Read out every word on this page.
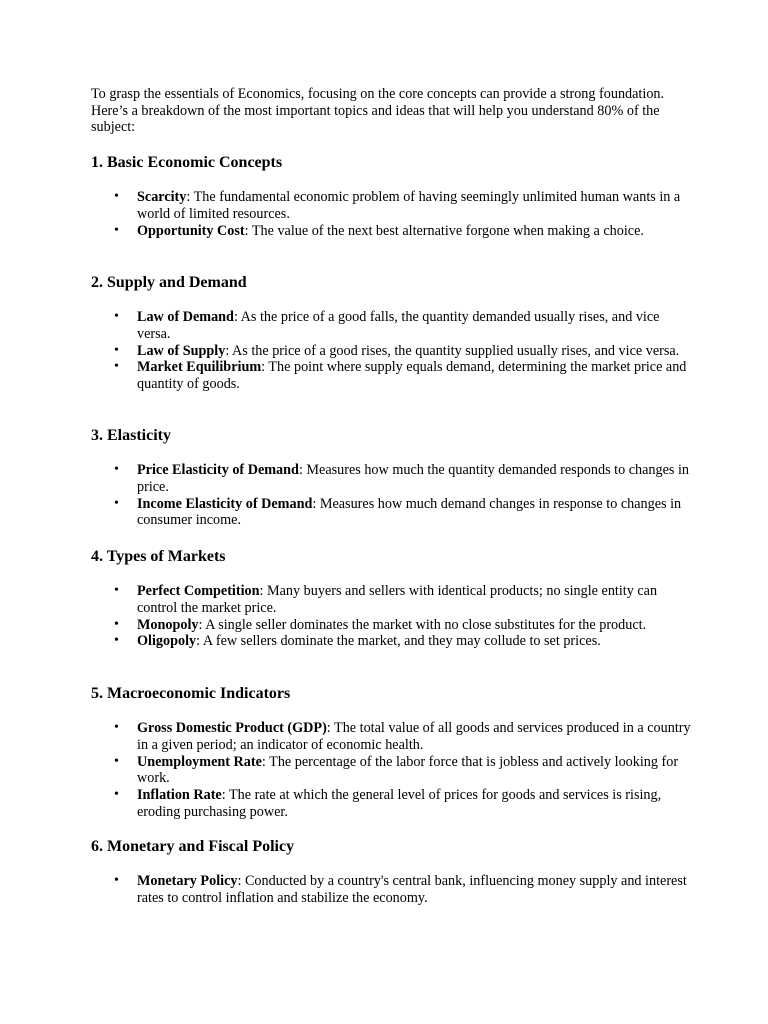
To grasp the essentials of Economics, focusing on the core concepts can provide a strong foundation. Here’s a breakdown of the most important topics and ideas that will help you understand 80% of the subject:

1. Basic Economic Concepts
• Scarcity: The fundamental economic problem of having seemingly unlimited human wants in a world of limited resources.
• Opportunity Cost: The value of the next best alternative forgone when making a choice.
2. Supply and Demand
• Law of Demand: As the price of a good falls, the quantity demanded usually rises, and vice versa.
• Law of Supply: As the price of a good rises, the quantity supplied usually rises, and vice versa.
• Market Equilibrium: The point where supply equals demand, determining the market price and quantity of goods.
3. Elasticity
• Price Elasticity of Demand: Measures how much the quantity demanded responds to changes in price.
• Income Elasticity of Demand: Measures how much demand changes in response to changes in consumer income.
4. Types of Markets
• Perfect Competition: Many buyers and sellers with identical products; no single entity can control the market price.
• Monopoly: A single seller dominates the market with no close substitutes for the product.
• Oligopoly: A few sellers dominate the market, and they may collude to set prices.
5. Macroeconomic Indicators
• Gross Domestic Product (GDP): The total value of all goods and services produced in a country in a given period; an indicator of economic health.
• Unemployment Rate: The percentage of the labor force that is jobless and actively looking for work.
• Inflation Rate: The rate at which the general level of prices for goods and services is rising, eroding purchasing power.
6. Monetary and Fiscal Policy
• Monetary Policy: Conducted by a country's central bank, influencing money supply and interest rates to control inflation and stabilize the economy.
